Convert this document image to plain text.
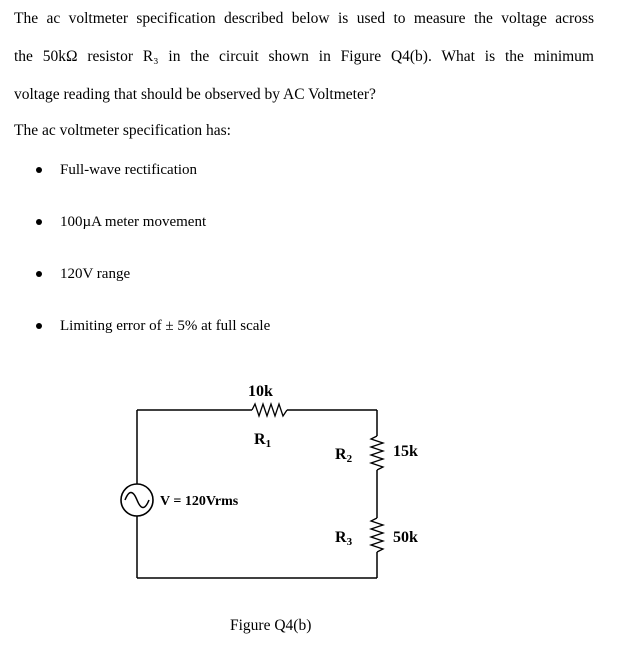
The ac voltmeter specification described below is used to measure the voltage across
the 50kΩ resistor R₃ in the circuit shown in Figure Q4(b). What is the minimum
voltage reading that should be observed by AC Voltmeter?
The ac voltmeter specification has:
Full-wave rectification
100µA meter movement
120V range
Limiting error of ± 5% at full scale
10k
R1
R2	15k
R3	50k
V = 120Vrms
Figure Q4(b)
